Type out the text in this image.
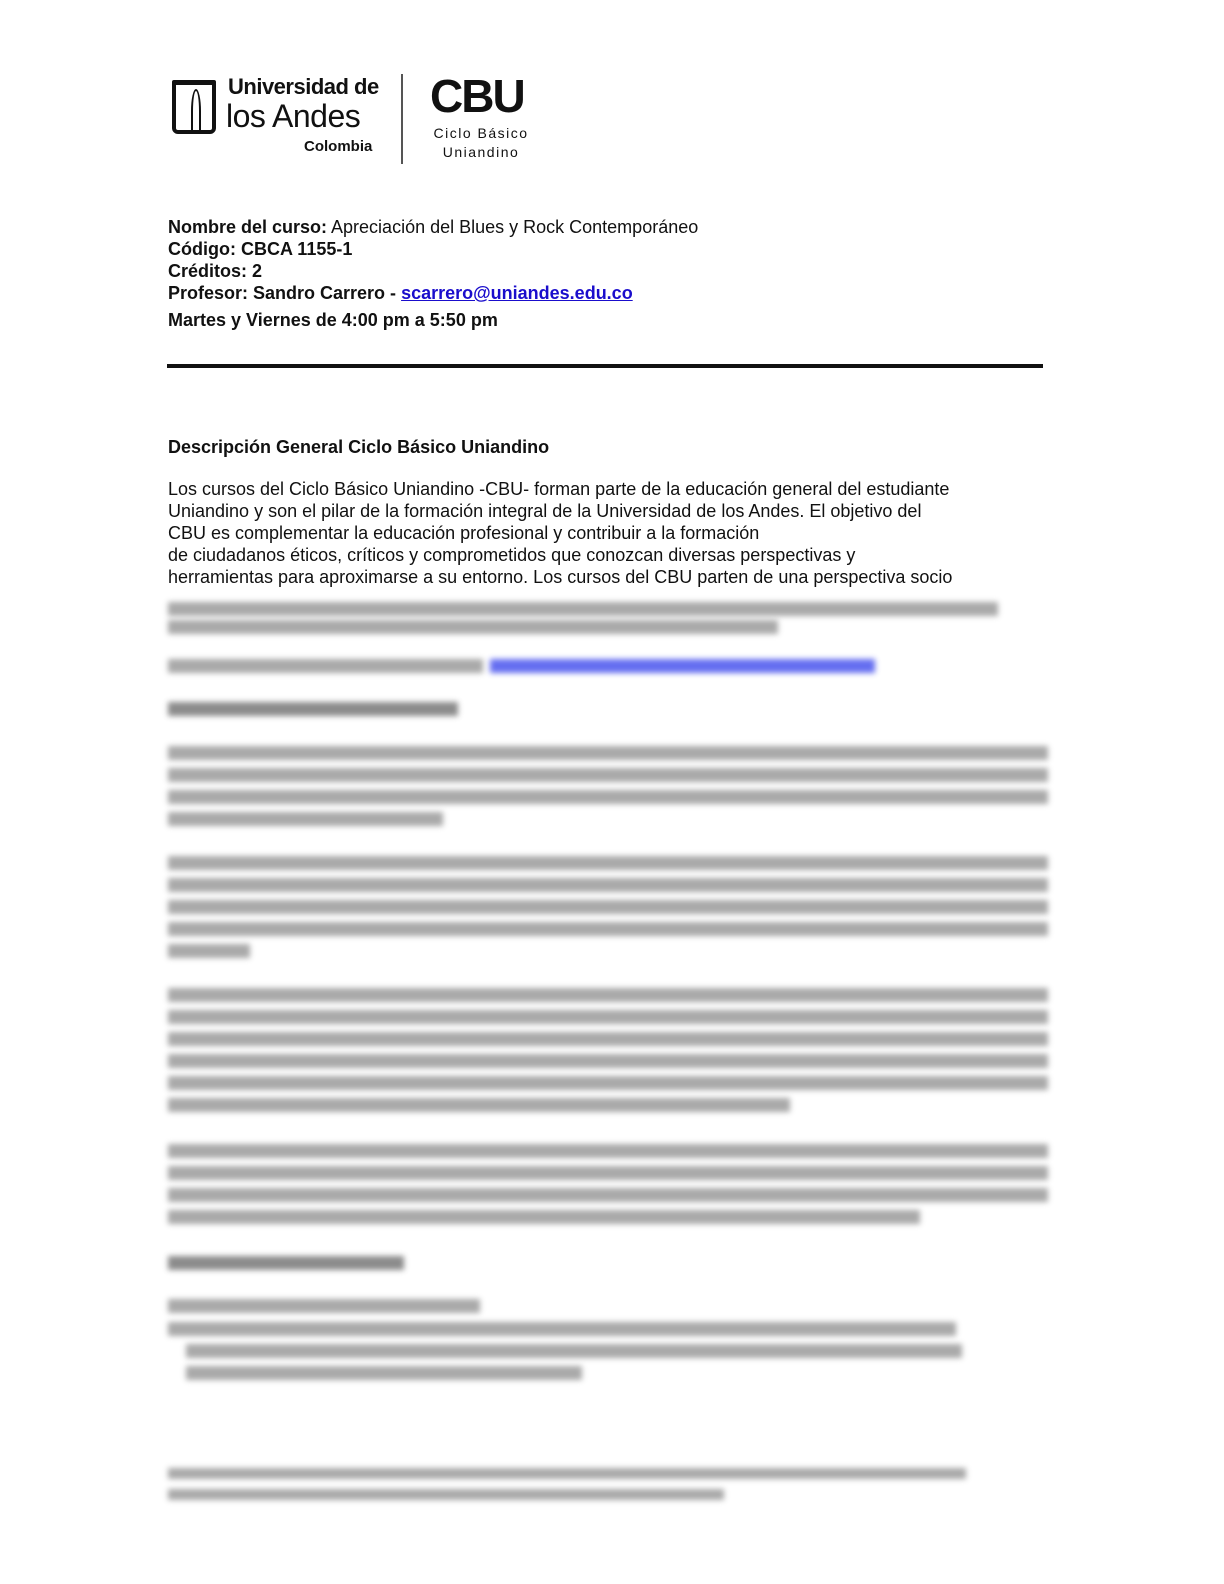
Universidad de
los Andes
Colombia
CBU
Ciclo Básico
Uniandino
Nombre del curso: Apreciación del Blues y Rock Contemporáneo
Código: CBCA 1155-1
Créditos: 2
Profesor: Sandro Carrero - scarrero@uniandes.edu.co
Martes y Viernes de 4:00 pm a 5:50 pm
Descripción General Ciclo Básico Uniandino
Los cursos del Ciclo Básico Uniandino -CBU- forman parte de la educación general del estudiante
Uniandino y son el pilar de la formación integral de la Universidad de los Andes. El objetivo del
CBU es complementar la educación profesional y contribuir a la formación
de ciudadanos éticos, críticos y comprometidos que conozcan diversas perspectivas y
herramientas para aproximarse a su entorno. Los cursos del CBU parten de una perspectiva socio
